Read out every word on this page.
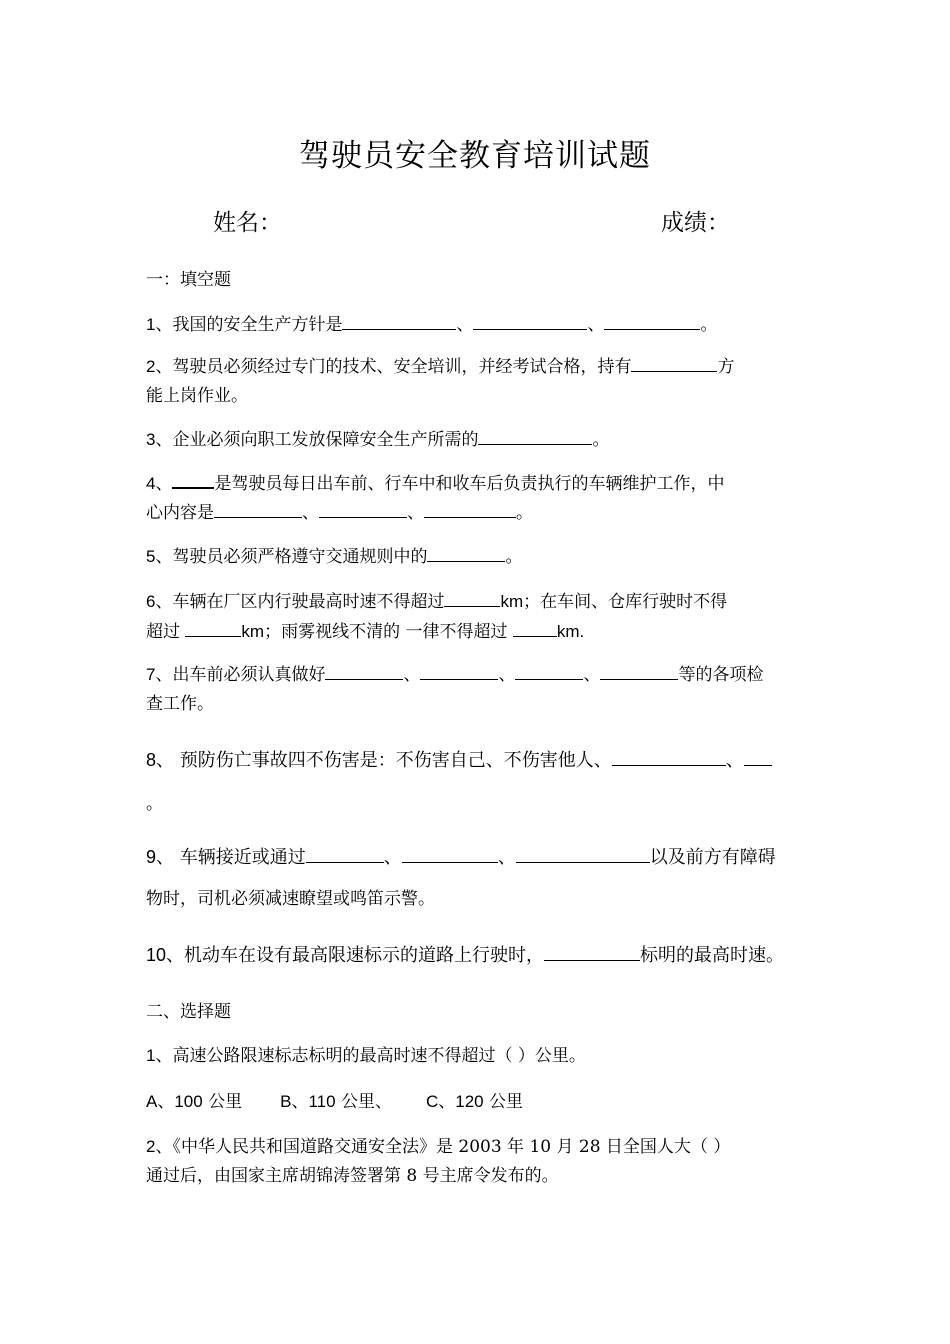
驾驶员安全教育培训试题
姓名：	成绩：
一：填空题
1、我国的安全生产方针是	、	、	。
2、驾驶员必须经过专门的技术、安全培训，并经考试合格，持有	方
能上岗作业。
3、企业必须向职工发放保障安全生产所需的	。
4、 是驾驶员每日出车前、行车中和收车后负责执行的车辆维护工作，中
心内容是	、	、	。
5、驾驶员必须严格遵守交通规则中的	。
6、车辆在厂区内行驶最高时速不得超过	km；在车间、仓库行驶时不得
超过	km；雨雾视线不清的 一律不得超过	km.
7、出车前必须认真做好	、	、	、	等的各项检
查工作。
8、 预防伤亡事故四不伤害是：不伤害自己、不伤害他人、	、
。
9、 车辆接近或通过	、	、	以及前方有障碍
物时，司机必须减速瞭望或鸣笛示警。
10、机动车在设有最高限速标示的道路上行驶时，	标明的最高时速。
二、选择题
1、高速公路限速标志标明的最高时速不得超过（ ）公里。
A、100 公里 B、110 公里、 C、120 公里
2、《中华人民共和国道路交通安全法》是 2003 年 10 月 28 日全国人大（ ）
通过后，由国家主席胡锦涛签署第 8 号主席令发布的。
